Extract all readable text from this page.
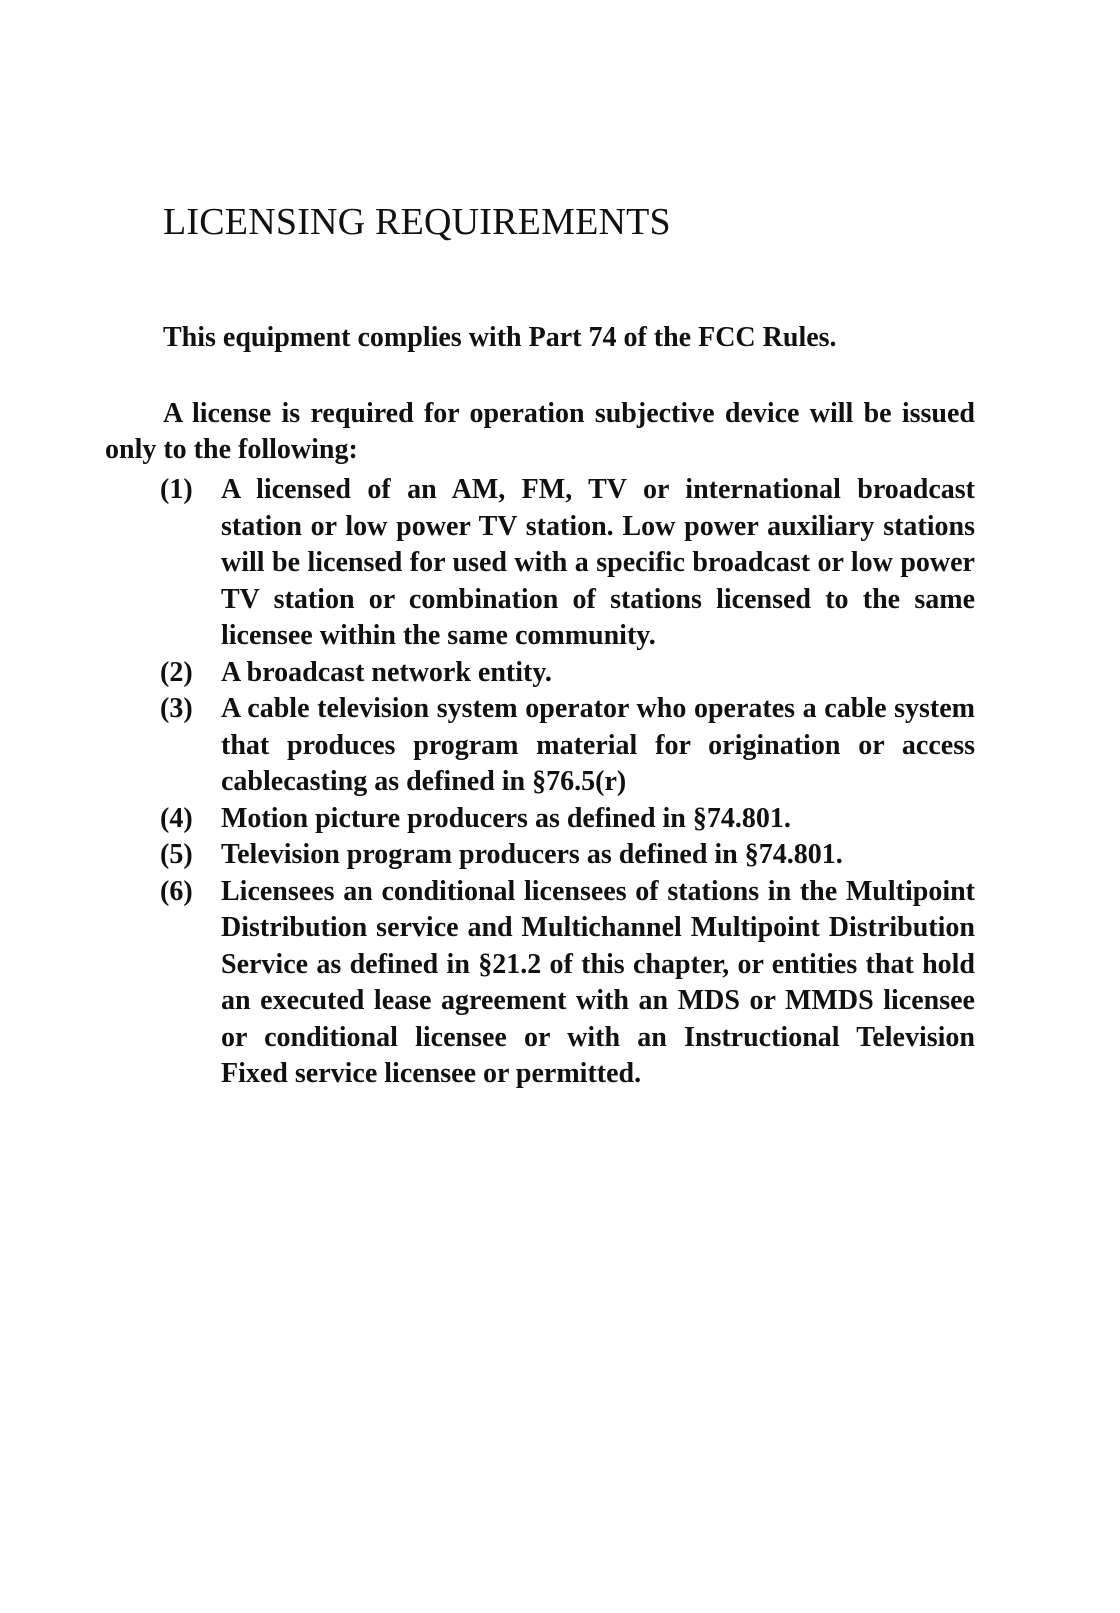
LICENSING REQUIREMENTS

This equipment complies with Part 74 of the FCC Rules.

A license is required for operation subjective device will be issued only to the following:

(1)	A licensed of an AM, FM, TV or international broadcast station or low power TV station. Low power auxiliary stations will be licensed for used with a specific broadcast or low power TV station or combination of stations licensed to the same licensee within the same community.
(2)	A broadcast network entity.
(3)	A cable television system operator who operates a cable system that produces program material for origination or access cablecasting as defined in §76.5(r)
(4)	Motion picture producers as defined in §74.801.
(5)	Television program producers as defined in §74.801.
(6)	Licensees an conditional licensees of stations in the Multipoint Distribution service and Multichannel Multipoint Distribution Service as defined in §21.2 of this chapter, or entities that hold an executed lease agreement with an MDS or MMDS licensee or conditional licensee or with an Instructional Television Fixed service licensee or permitted.
